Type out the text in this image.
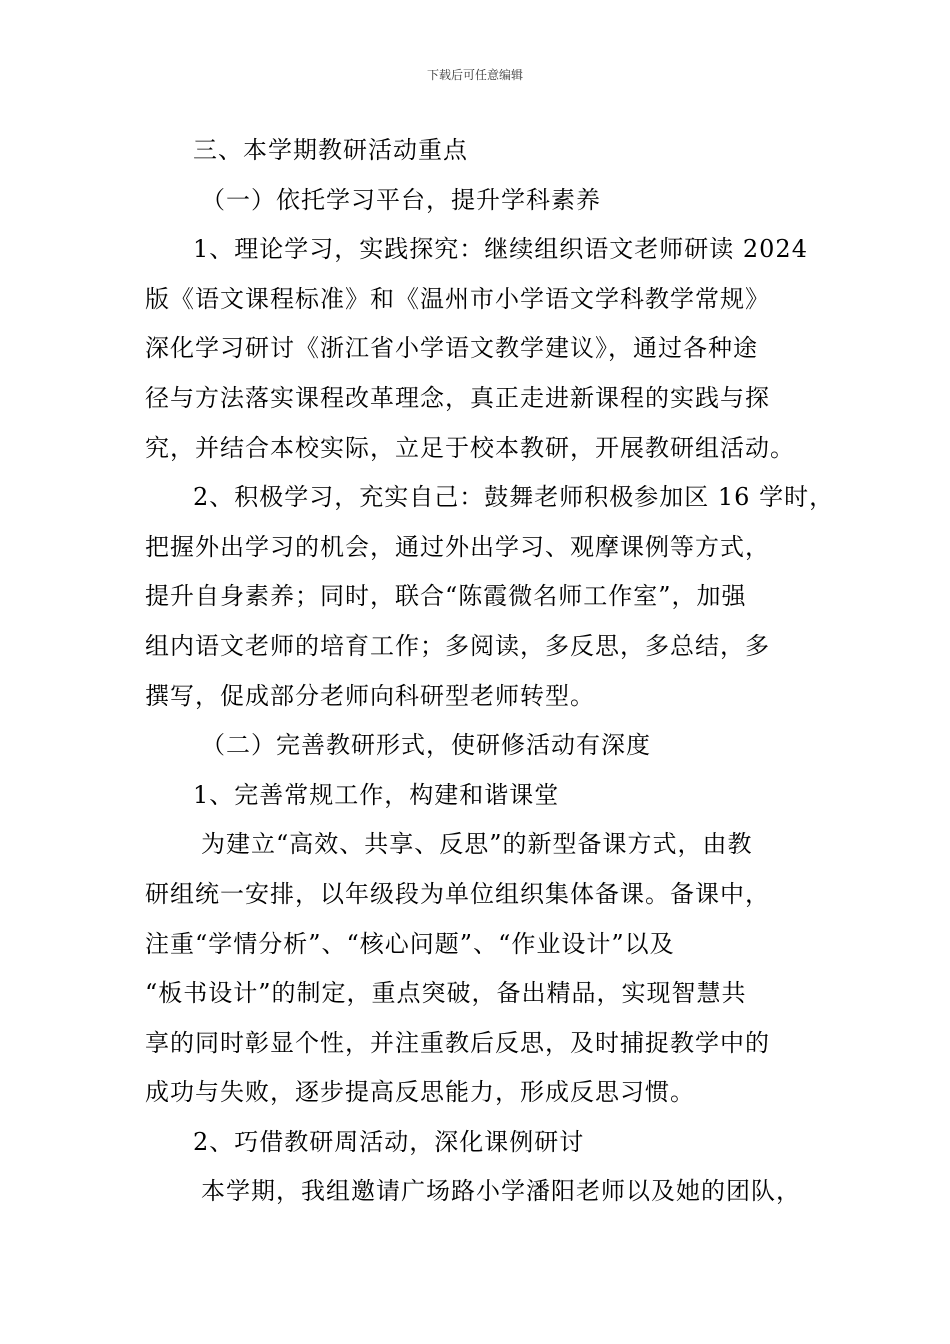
下载后可任意编辑
三、本学期教研活动重点
（一）依托学习平台，提升学科素养
1、理论学习，实践探究：继续组织语文老师研读 2024
版《语文课程标准》和《温州市小学语文学科教学常规》
深化学习研讨《浙江省小学语文教学建议》，通过各种途
径与方法落实课程改革理念，真正走进新课程的实践与探
究，并结合本校实际，立足于校本教研，开展教研组活动。
2、积极学习，充实自己：鼓舞老师积极参加区 16 学时，
把握外出学习的机会，通过外出学习、观摩课例等方式，
提升自身素养；同时，联合“陈霞微名师工作室”，加强
组内语文老师的培育工作；多阅读，多反思，多总结，多
撰写，促成部分老师向科研型老师转型。
（二）完善教研形式，使研修活动有深度
1、完善常规工作，构建和谐课堂
为建立“高效、共享、反思”的新型备课方式，由教
研组统一安排，以年级段为单位组织集体备课。备课中，
注重“学情分析”、“核心问题”、“作业设计”以及
“板书设计”的制定，重点突破，备出精品，实现智慧共
享的同时彰显个性，并注重教后反思，及时捕捉教学中的
成功与失败，逐步提高反思能力，形成反思习惯。
2、巧借教研周活动，深化课例研讨
本学期，我组邀请广场路小学潘阳老师以及她的团队，
